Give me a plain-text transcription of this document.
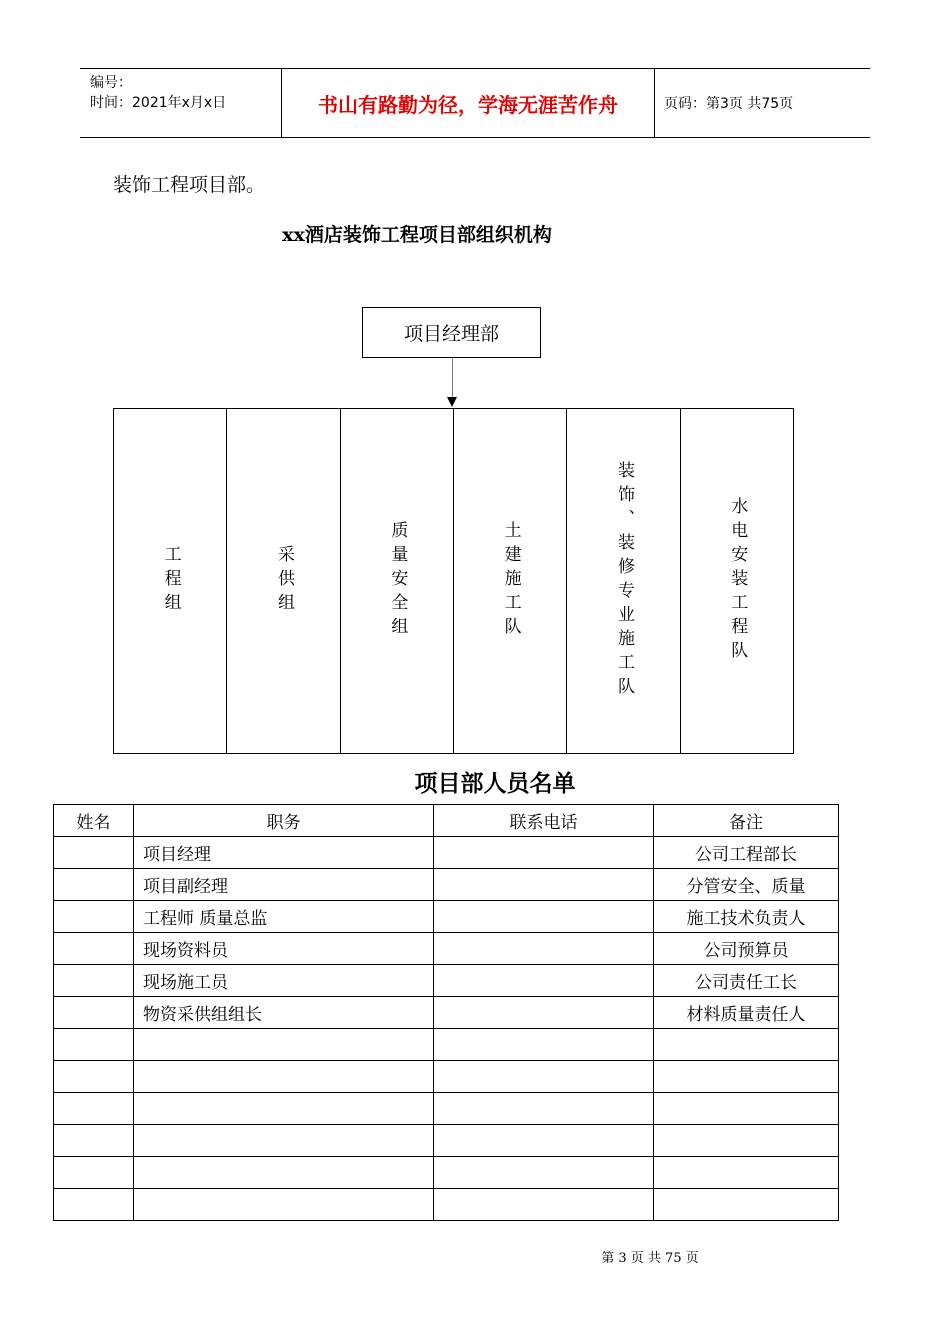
编号：
时间：2021年x月x日	书山有路勤为径，学海无涯苦作舟	页码：第3页 共75页
装饰工程项目部。
xx酒店装饰工程项目部组织机构
项目经理部
工程组	采供组	质量安全组	土建施工队	装饰、装修专业施工队	水电安装工程队
项目部人员名单
姓名	职务	联系电话	备注
	项目经理		公司工程部长
	项目副经理		分管安全、质量
	工程师 质量总监		施工技术负责人
	现场资料员		公司预算员
	现场施工员		公司责任工长
	物资采供组组长		材料质量责任人

第 3 页 共 75 页
